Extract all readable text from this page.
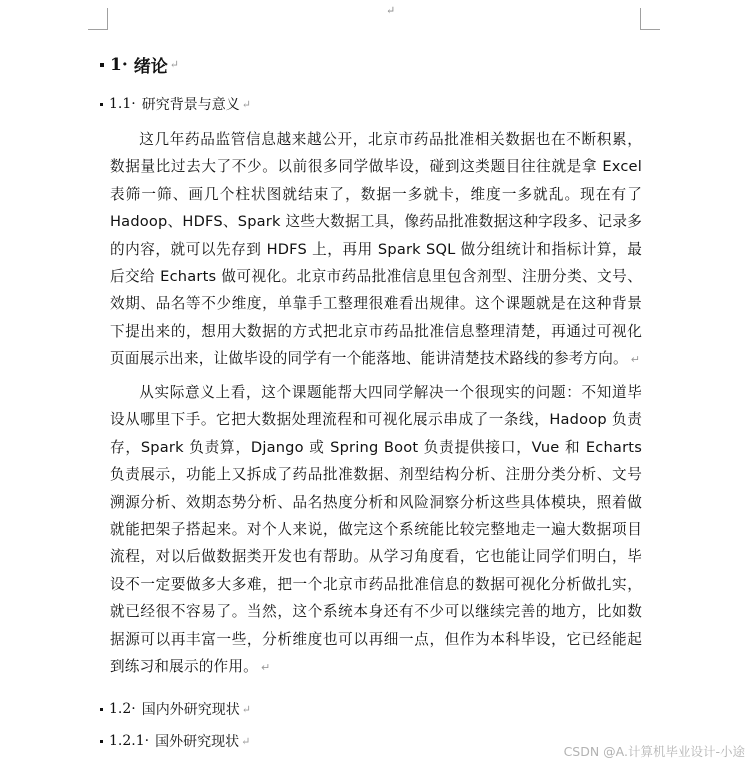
↵
1 · 绪论 ↵
1.1 · 研究背景与意义 ↵

这几年药品监管信息越来越公开，北京市药品批准相关数据也在不断积累，数据量比过去大了不少。以前很多同学做毕设，碰到这类题目往往就是拿 Excel 表筛一筛、画几个柱状图就结束了，数据一多就卡，维度一多就乱。现在有了 Hadoop、HDFS、Spark 这些大数据工具，像药品批准数据这种字段多、记录多的内容，就可以先存到 HDFS 上，再用 Spark SQL 做分组统计和指标计算，最后交给 Echarts 做可视化。北京市药品批准信息里包含剂型、注册分类、文号、效期、品名等不少维度，单靠手工整理很难看出规律。这个课题就是在这种背景下提出来的，想用大数据的方式把北京市药品批准信息整理清楚，再通过可视化页面展示出来，让做毕设的同学有一个能落地、能讲清楚技术路线的参考方向。 ↵

从实际意义上看，这个课题能帮大四同学解决一个很现实的问题：不知道毕设从哪里下手。它把大数据处理流程和可视化展示串成了一条线，Hadoop 负责存，Spark 负责算，Django 或 Spring Boot 负责提供接口，Vue 和 Echarts 负责展示，功能上又拆成了药品批准数据、剂型结构分析、注册分类分析、文号溯源分析、效期态势分析、品名热度分析和风险洞察分析这些具体模块，照着做就能把架子搭起来。对个人来说，做完这个系统能比较完整地走一遍大数据项目流程，对以后做数据类开发也有帮助。从学习角度看，它也能让同学们明白，毕设不一定要做多大多难，把一个北京市药品批准信息的数据可视化分析做扎实，就已经很不容易了。当然，这个系统本身还有不少可以继续完善的地方，比如数据源可以再丰富一些，分析维度也可以再细一点，但作为本科毕设，它已经能起到练习和展示的作用。 ↵

1.2 · 国内外研究现状 ↵
1.2.1 · 国外研究现状 ↵
CSDN @A.计算机毕业设计-小途
